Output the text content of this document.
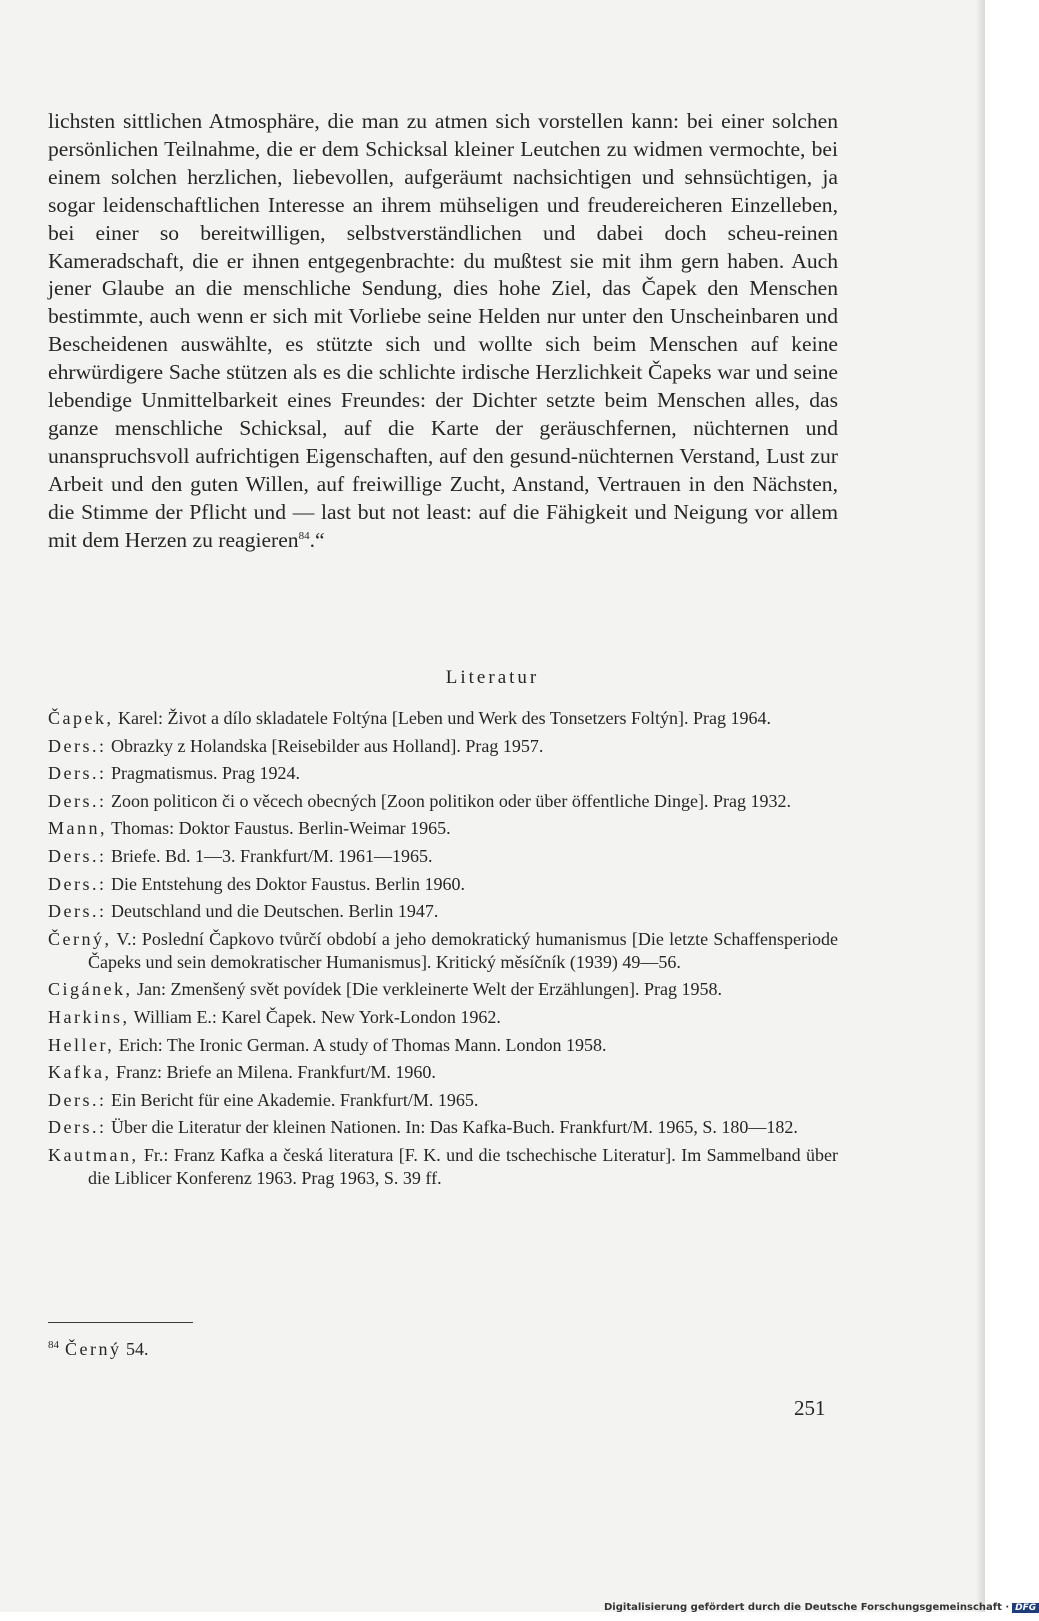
lichsten sittlichen Atmosphäre, die man zu atmen sich vorstellen kann: bei einer solchen persönlichen Teilnahme, die er dem Schicksal kleiner Leutchen zu widmen vermochte, bei einem solchen herzlichen, liebevollen, aufgeräumt nachsichtigen und sehnsüchtigen, ja sogar leidenschaftlichen Interesse an ihrem mühseligen und freudereicheren Einzelleben, bei einer so bereitwilligen, selbstverständlichen und dabei doch scheu-reinen Kameradschaft, die er ihnen entgegenbrachte: du mußtest sie mit ihm gern haben. Auch jener Glaube an die menschliche Sendung, dies hohe Ziel, das Čapek den Menschen bestimmte, auch wenn er sich mit Vorliebe seine Helden nur unter den Unscheinbaren und Bescheidenen auswählte, es stützte sich und wollte sich beim Menschen auf keine ehrwürdigere Sache stützen als es die schlichte irdische Herzlichkeit Čapeks war und seine lebendige Unmittelbarkeit eines Freundes: der Dichter setzte beim Menschen alles, das ganze menschliche Schicksal, auf die Karte der geräuschfernen, nüchternen und unanspruchsvoll aufrichtigen Eigenschaften, auf den gesund-nüchternen Verstand, Lust zur Arbeit und den guten Willen, auf freiwillige Zucht, Anstand, Vertrauen in den Nächsten, die Stimme der Pflicht und — last but not least: auf die Fähigkeit und Neigung vor allem mit dem Herzen zu reagieren$^{84}$.“

Literatur
Čapek, Karel: Život a dílo skladatele Foltýna [Leben und Werk des Tonsetzers Foltýn]. Prag 1964.
Ders.: Obrazky z Holandska [Reisebilder aus Holland]. Prag 1957.
Ders.: Pragmatismus. Prag 1924.
Ders.: Zoon politicon či o věcech obecných [Zoon politikon oder über öffentliche Dinge]. Prag 1932.
Mann, Thomas: Doktor Faustus. Berlin-Weimar 1965.
Ders.: Briefe. Bd. 1—3. Frankfurt/M. 1961—1965.
Ders.: Die Entstehung des Doktor Faustus. Berlin 1960.
Ders.: Deutschland und die Deutschen. Berlin 1947.
Černý, V.: Poslední Čapkovo tvůrčí období a jeho demokratický humanismus [Die letzte Schaffensperiode Čapeks und sein demokratischer Humanismus]. Kritický měsíčník (1939) 49—56.
Cigánek, Jan: Zmenšený svět povídek [Die verkleinerte Welt der Erzählungen]. Prag 1958.
Harkins, William E.: Karel Čapek. New York-London 1962.
Heller, Erich: The Ironic German. A study of Thomas Mann. London 1958.
Kafka, Franz: Briefe an Milena. Frankfurt/M. 1960.
Ders.: Ein Bericht für eine Akademie. Frankfurt/M. 1965.
Ders.: Über die Literatur der kleinen Nationen. In: Das Kafka-Buch. Frankfurt/M. 1965, S. 180—182.
Kautman, Fr.: Franz Kafka a česká literatura [F. K. und die tschechische Literatur]. Im Sammelband über die Liblicer Konferenz 1963. Prag 1963, S. 39 ff.
$^{84}$ Černý 54.
251
Digitalisierung gefördert durch die Deutsche Forschungsgemeinschaft · DFG
